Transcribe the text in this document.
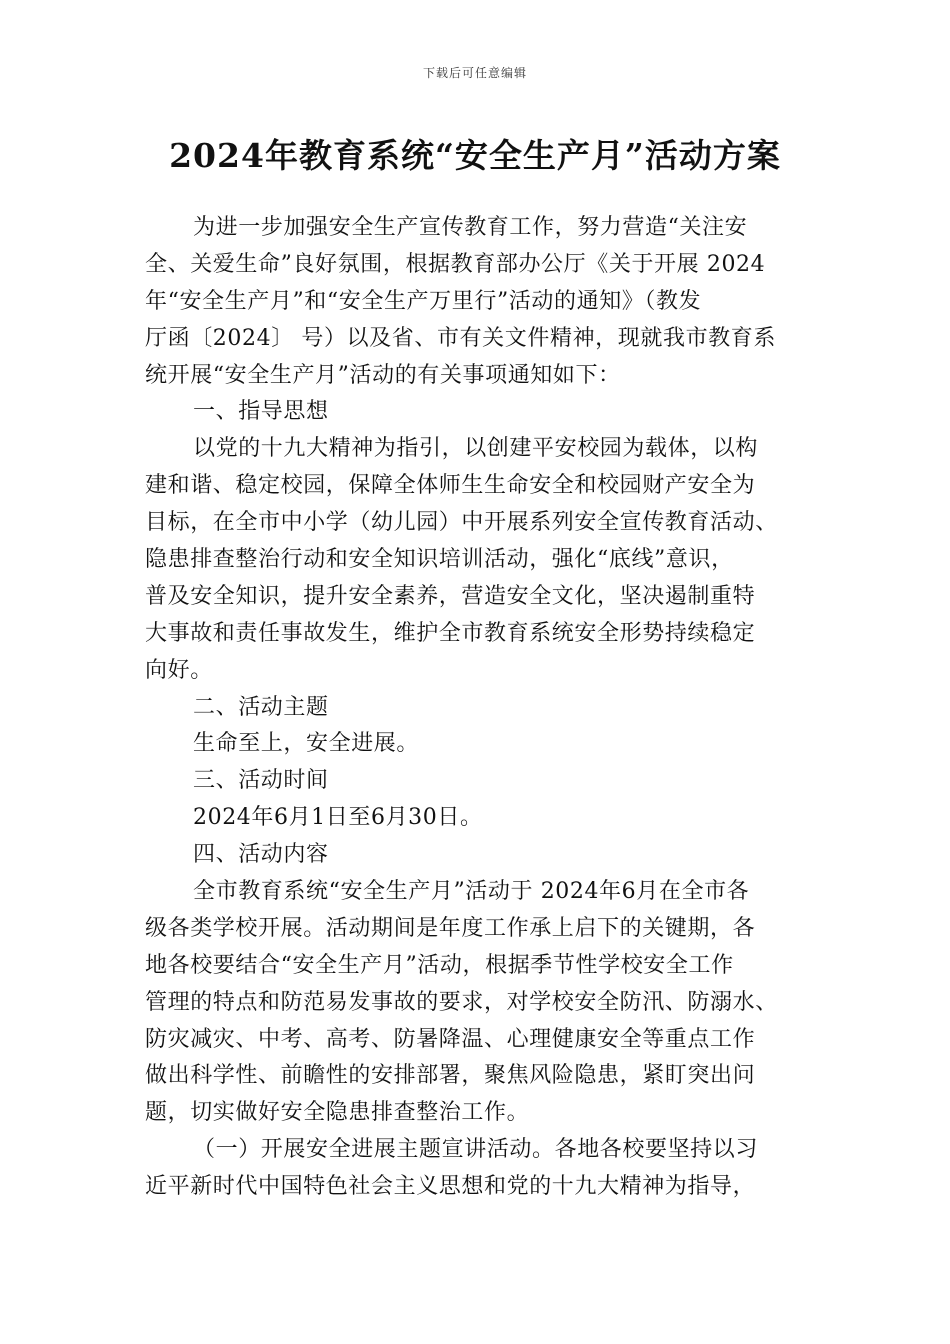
下载后可任意编辑
2024年教育系统“安全生产月”活动方案
为进一步加强安全生产宣传教育工作，努力营造“关注安
全、关爱生命”良好氛围，根据教育部办公厅《关于开展 2024
年“安全生产月”和“安全生产万里行”活动的通知》（教发
厅函〔2024〕 号）以及省、市有关文件精神，现就我市教育系
统开展“安全生产月”活动的有关事项通知如下：
一、指导思想
以党的十九大精神为指引，以创建平安校园为载体，以构
建和谐、稳定校园，保障全体师生生命安全和校园财产安全为
目标，在全市中小学（幼儿园）中开展系列安全宣传教育活动、
隐患排查整治行动和安全知识培训活动，强化“底线”意识，
普及安全知识，提升安全素养，营造安全文化，坚决遏制重特
大事故和责任事故发生，维护全市教育系统安全形势持续稳定
向好。
二、活动主题
生命至上，安全进展。
三、活动时间
2024年6月1日至6月30日。
四、活动内容
全市教育系统“安全生产月”活动于 2024年6月在全市各
级各类学校开展。活动期间是年度工作承上启下的关键期，各
地各校要结合“安全生产月”活动，根据季节性学校安全工作
管理的特点和防范易发事故的要求，对学校安全防汛、防溺水、
防灾减灾、中考、高考、防暑降温、心理健康安全等重点工作
做出科学性、前瞻性的安排部署，聚焦风险隐患，紧盯突出问
题，切实做好安全隐患排查整治工作。
（一）开展安全进展主题宣讲活动。各地各校要坚持以习
近平新时代中国特色社会主义思想和党的十九大精神为指导，
